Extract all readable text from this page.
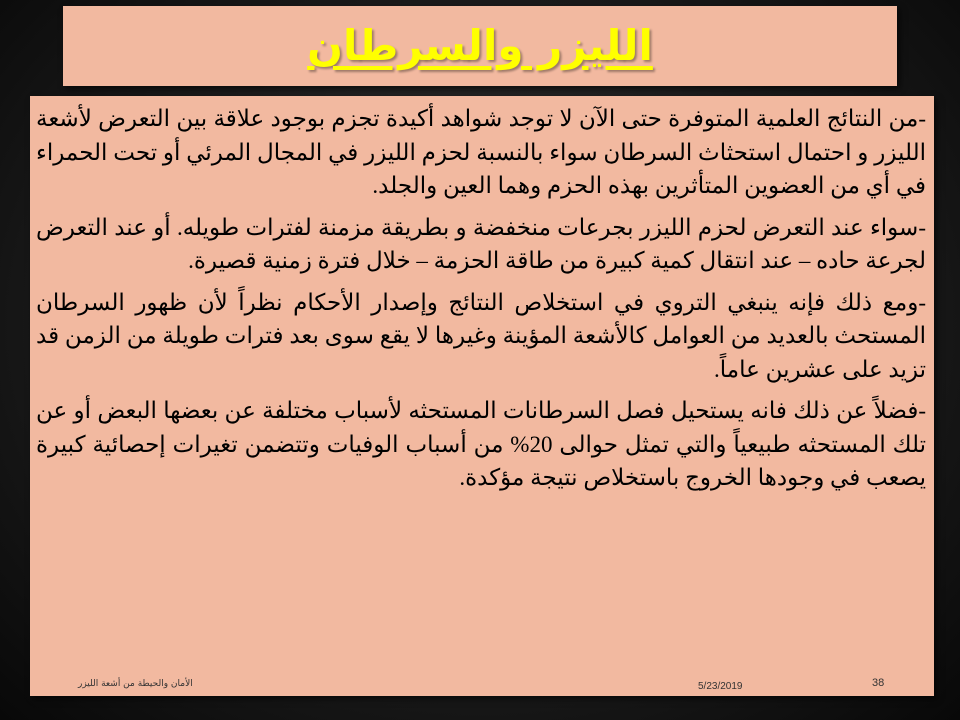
الليزر والسرطان

-من النتائج العلمية المتوفرة حتى الآن لا توجد شواهد أكيدة تجزم بوجود علاقة بين التعرض لأشعة الليزر و احتمال استحثاث السرطان سواء بالنسبة لحزم الليزر في المجال المرئي أو تحت الحمراء في أي من العضوين المتأثرين بهذه الحزم وهما العين والجلد.

-سواء عند التعرض لحزم الليزر بجرعات منخفضة و بطريقة مزمنة لفترات طويله. أو عند التعرض لجرعة حاده – عند انتقال كمية كبيرة من طاقة الحزمة – خلال فترة زمنية قصيرة.

-ومع ذلك فإنه ينبغي التروي في استخلاص النتائج وإصدار الأحكام نظراً لأن ظهور السرطان المستحث بالعديد من العوامل كالأشعة المؤينة وغيرها لا يقع سوى بعد فترات طويلة من الزمن قد تزيد على عشرين عاماً.

-فضلاً عن ذلك فانه يستحيل فصل السرطانات المستحثه لأسباب مختلفة عن بعضها البعض أو عن تلك المستحثه طبيعياً والتي تمثل حوالى 20% من أسباب الوفيات وتتضمن تغيرات إحصائية كبيرة يصعب في وجودها الخروج باستخلاص نتيجة مؤكدة.

الأمان والحيطة من أشعة الليزر	5/23/2019	38
